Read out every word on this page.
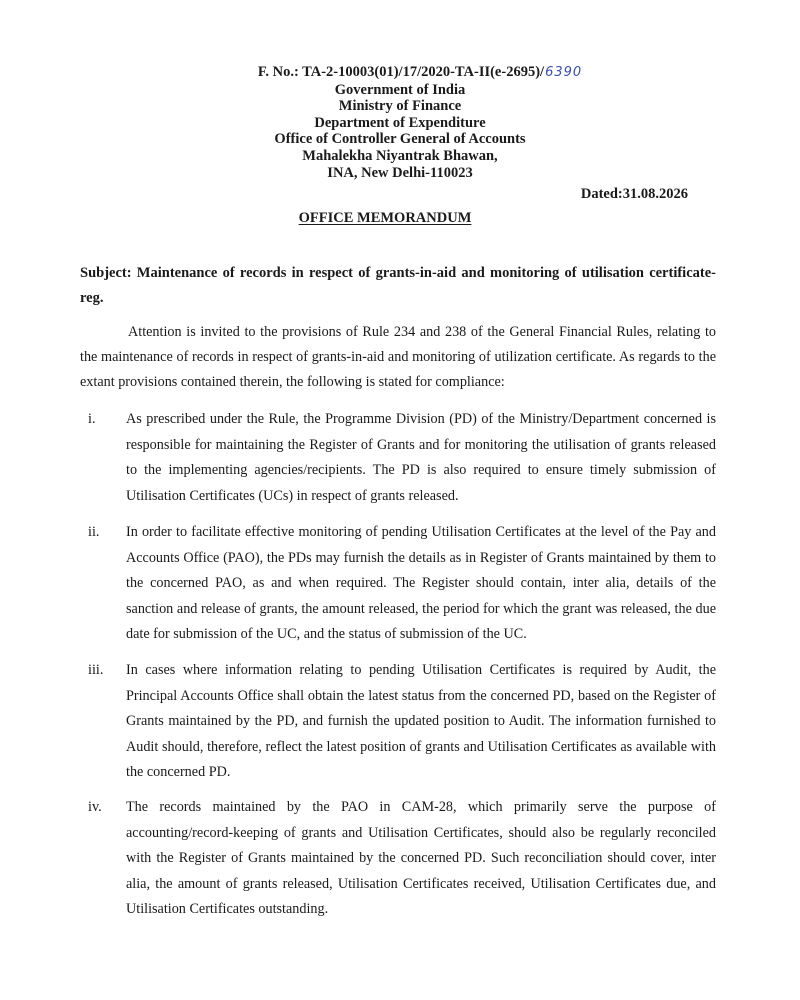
F. No.: TA-2-10003(01)/17/2020-TA-II(e-2695)/6390
Government of India
Ministry of Finance
Department of Expenditure
Office of Controller General of Accounts
Mahalekha Niyantrak Bhawan,
INA, New Delhi-110023
Dated:31.08.2026
OFFICE MEMORANDUM
Subject: Maintenance of records in respect of grants-in-aid and monitoring of utilisation certificate-reg.
Attention is invited to the provisions of Rule 234 and 238 of the General Financial Rules, relating to the maintenance of records in respect of grants-in-aid and monitoring of utilization certificate. As regards to the extant provisions contained therein, the following is stated for compliance:
i.	As prescribed under the Rule, the Programme Division (PD) of the Ministry/Department concerned is responsible for maintaining the Register of Grants and for monitoring the utilisation of grants released to the implementing agencies/recipients. The PD is also required to ensure timely submission of Utilisation Certificates (UCs) in respect of grants released.
ii.	In order to facilitate effective monitoring of pending Utilisation Certificates at the level of the Pay and Accounts Office (PAO), the PDs may furnish the details as in Register of Grants maintained by them to the concerned PAO, as and when required. The Register should contain, inter alia, details of the sanction and release of grants, the amount released, the period for which the grant was released, the due date for submission of the UC, and the status of submission of the UC.
iii.	In cases where information relating to pending Utilisation Certificates is required by Audit, the Principal Accounts Office shall obtain the latest status from the concerned PD, based on the Register of Grants maintained by the PD, and furnish the updated position to Audit. The information furnished to Audit should, therefore, reflect the latest position of grants and Utilisation Certificates as available with the concerned PD.
iv.	The records maintained by the PAO in CAM-28, which primarily serve the purpose of accounting/record-keeping of grants and Utilisation Certificates, should also be regularly reconciled with the Register of Grants maintained by the concerned PD. Such reconciliation should cover, inter alia, the amount of grants released, Utilisation Certificates received, Utilisation Certificates due, and Utilisation Certificates outstanding.
